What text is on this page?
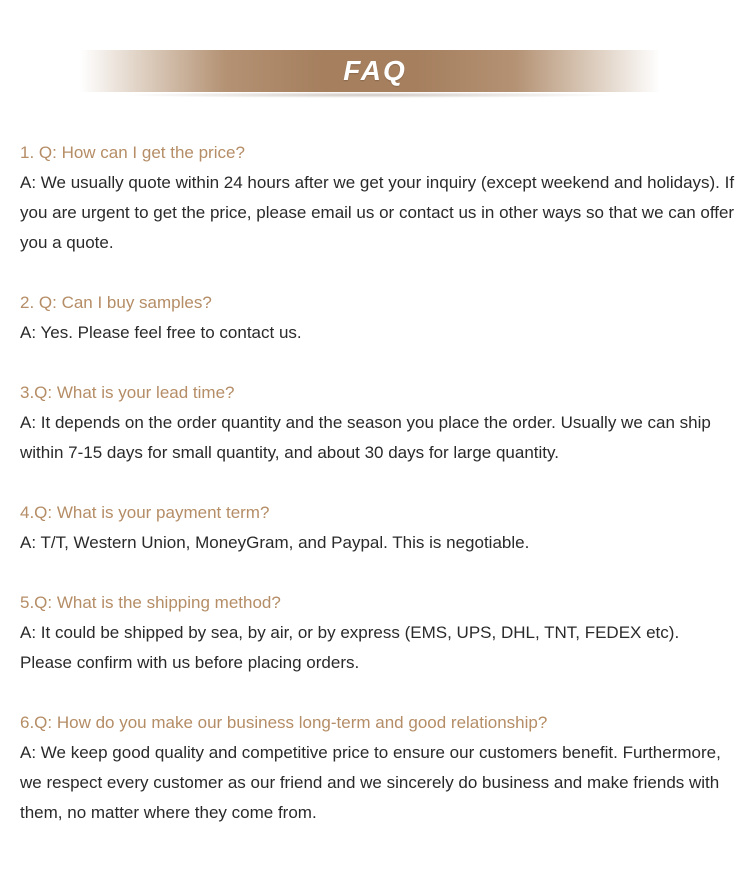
FAQ

1. Q: How can I get the price?

A: We usually quote within 24 hours after we get your inquiry (except weekend and holidays). If you are urgent to get the price, please email us or contact us in other ways so that we can offer you a quote.

2. Q: Can I buy samples?

A: Yes. Please feel free to contact us.

3.Q: What is your lead time?

A: It depends on the order quantity and the season you place the order. Usually we can ship within 7-15 days for small quantity, and about 30 days for large quantity.

4.Q: What is your payment term?

A: T/T, Western Union, MoneyGram, and Paypal. This is negotiable.

5.Q: What is the shipping method?

A: It could be shipped by sea, by air, or by express (EMS, UPS, DHL, TNT, FEDEX etc). Please confirm with us before placing orders.

6.Q: How do you make our business long-term and good relationship?

A: We keep good quality and competitive price to ensure our customers benefit. Furthermore, we respect every customer as our friend and we sincerely do business and make friends with them, no matter where they come from.
